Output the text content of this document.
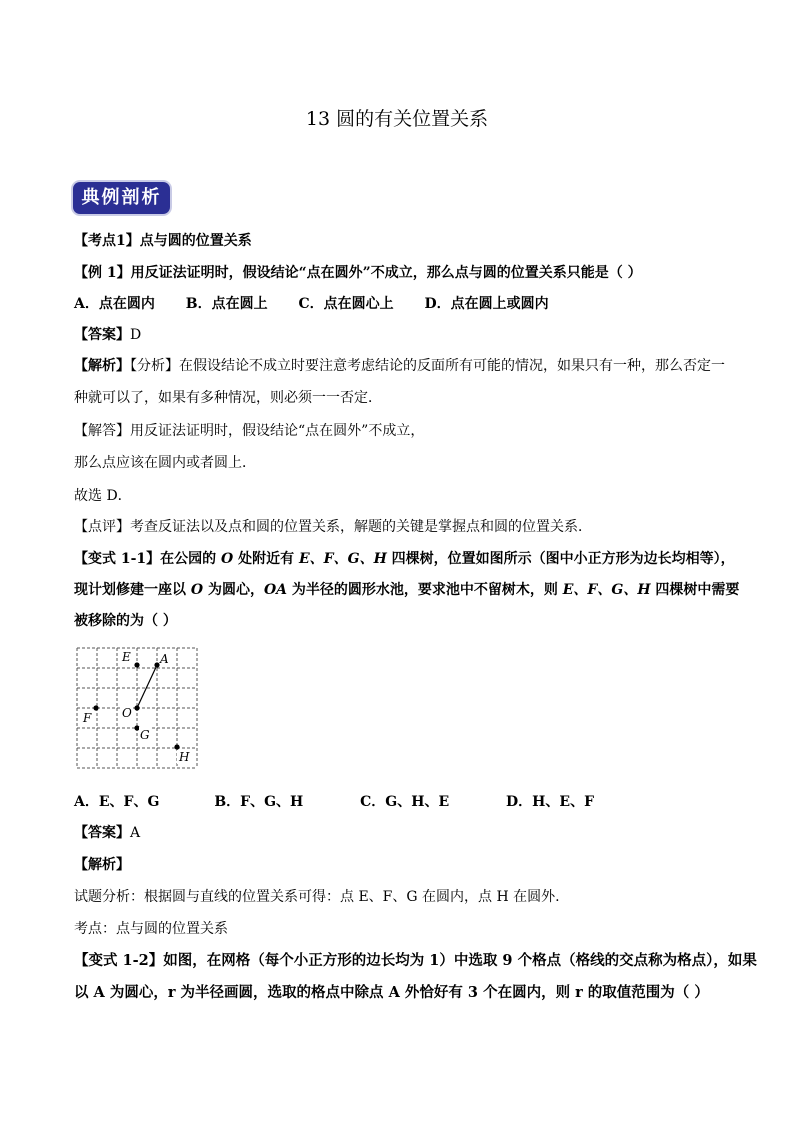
13 圆的有关位置关系
典例剖析
【考点1】点与圆的位置关系
【例 1】用反证法证明时，假设结论“点在圆外”不成立，那么点与圆的位置关系只能是（ ）
A．点在圆内 B．点在圆上 C．点在圆心上 D．点在圆上或圆内
【答案】D
【解析】【分析】在假设结论不成立时要注意考虑结论的反面所有可能的情况，如果只有一种，那么否定一
种就可以了，如果有多种情况，则必须一一否定．
【解答】用反证法证明时，假设结论“点在圆外”不成立，
那么点应该在圆内或者圆上．
故选 D．
【点评】考查反证法以及点和圆的位置关系，解题的关键是掌握点和圆的位置关系．
【变式 1-1】在公园的 O 处附近有 E、F、G、H 四棵树，位置如图所示（图中小正方形为边长均相等），
现计划修建一座以 O 为圆心，OA 为半径的圆形水池，要求池中不留树木，则 E、F、G、H 四棵树中需要
被移除的为（ ）
E A
O
F
G
H
A．E、F、G	B．F、G、H	C．G、H、E	D．H、E、F
【答案】A
【解析】
试题分析：根据圆与直线的位置关系可得：点 E、F、G 在圆内，点 H 在圆外.
考点：点与圆的位置关系
【变式 1-2】如图，在网格（每个小正方形的边长均为 1）中选取 9 个格点（格线的交点称为格点），如果
以 A 为圆心，r 为半径画圆，选取的格点中除点 A 外恰好有 3 个在圆内，则 r 的取值范围为（ ）
